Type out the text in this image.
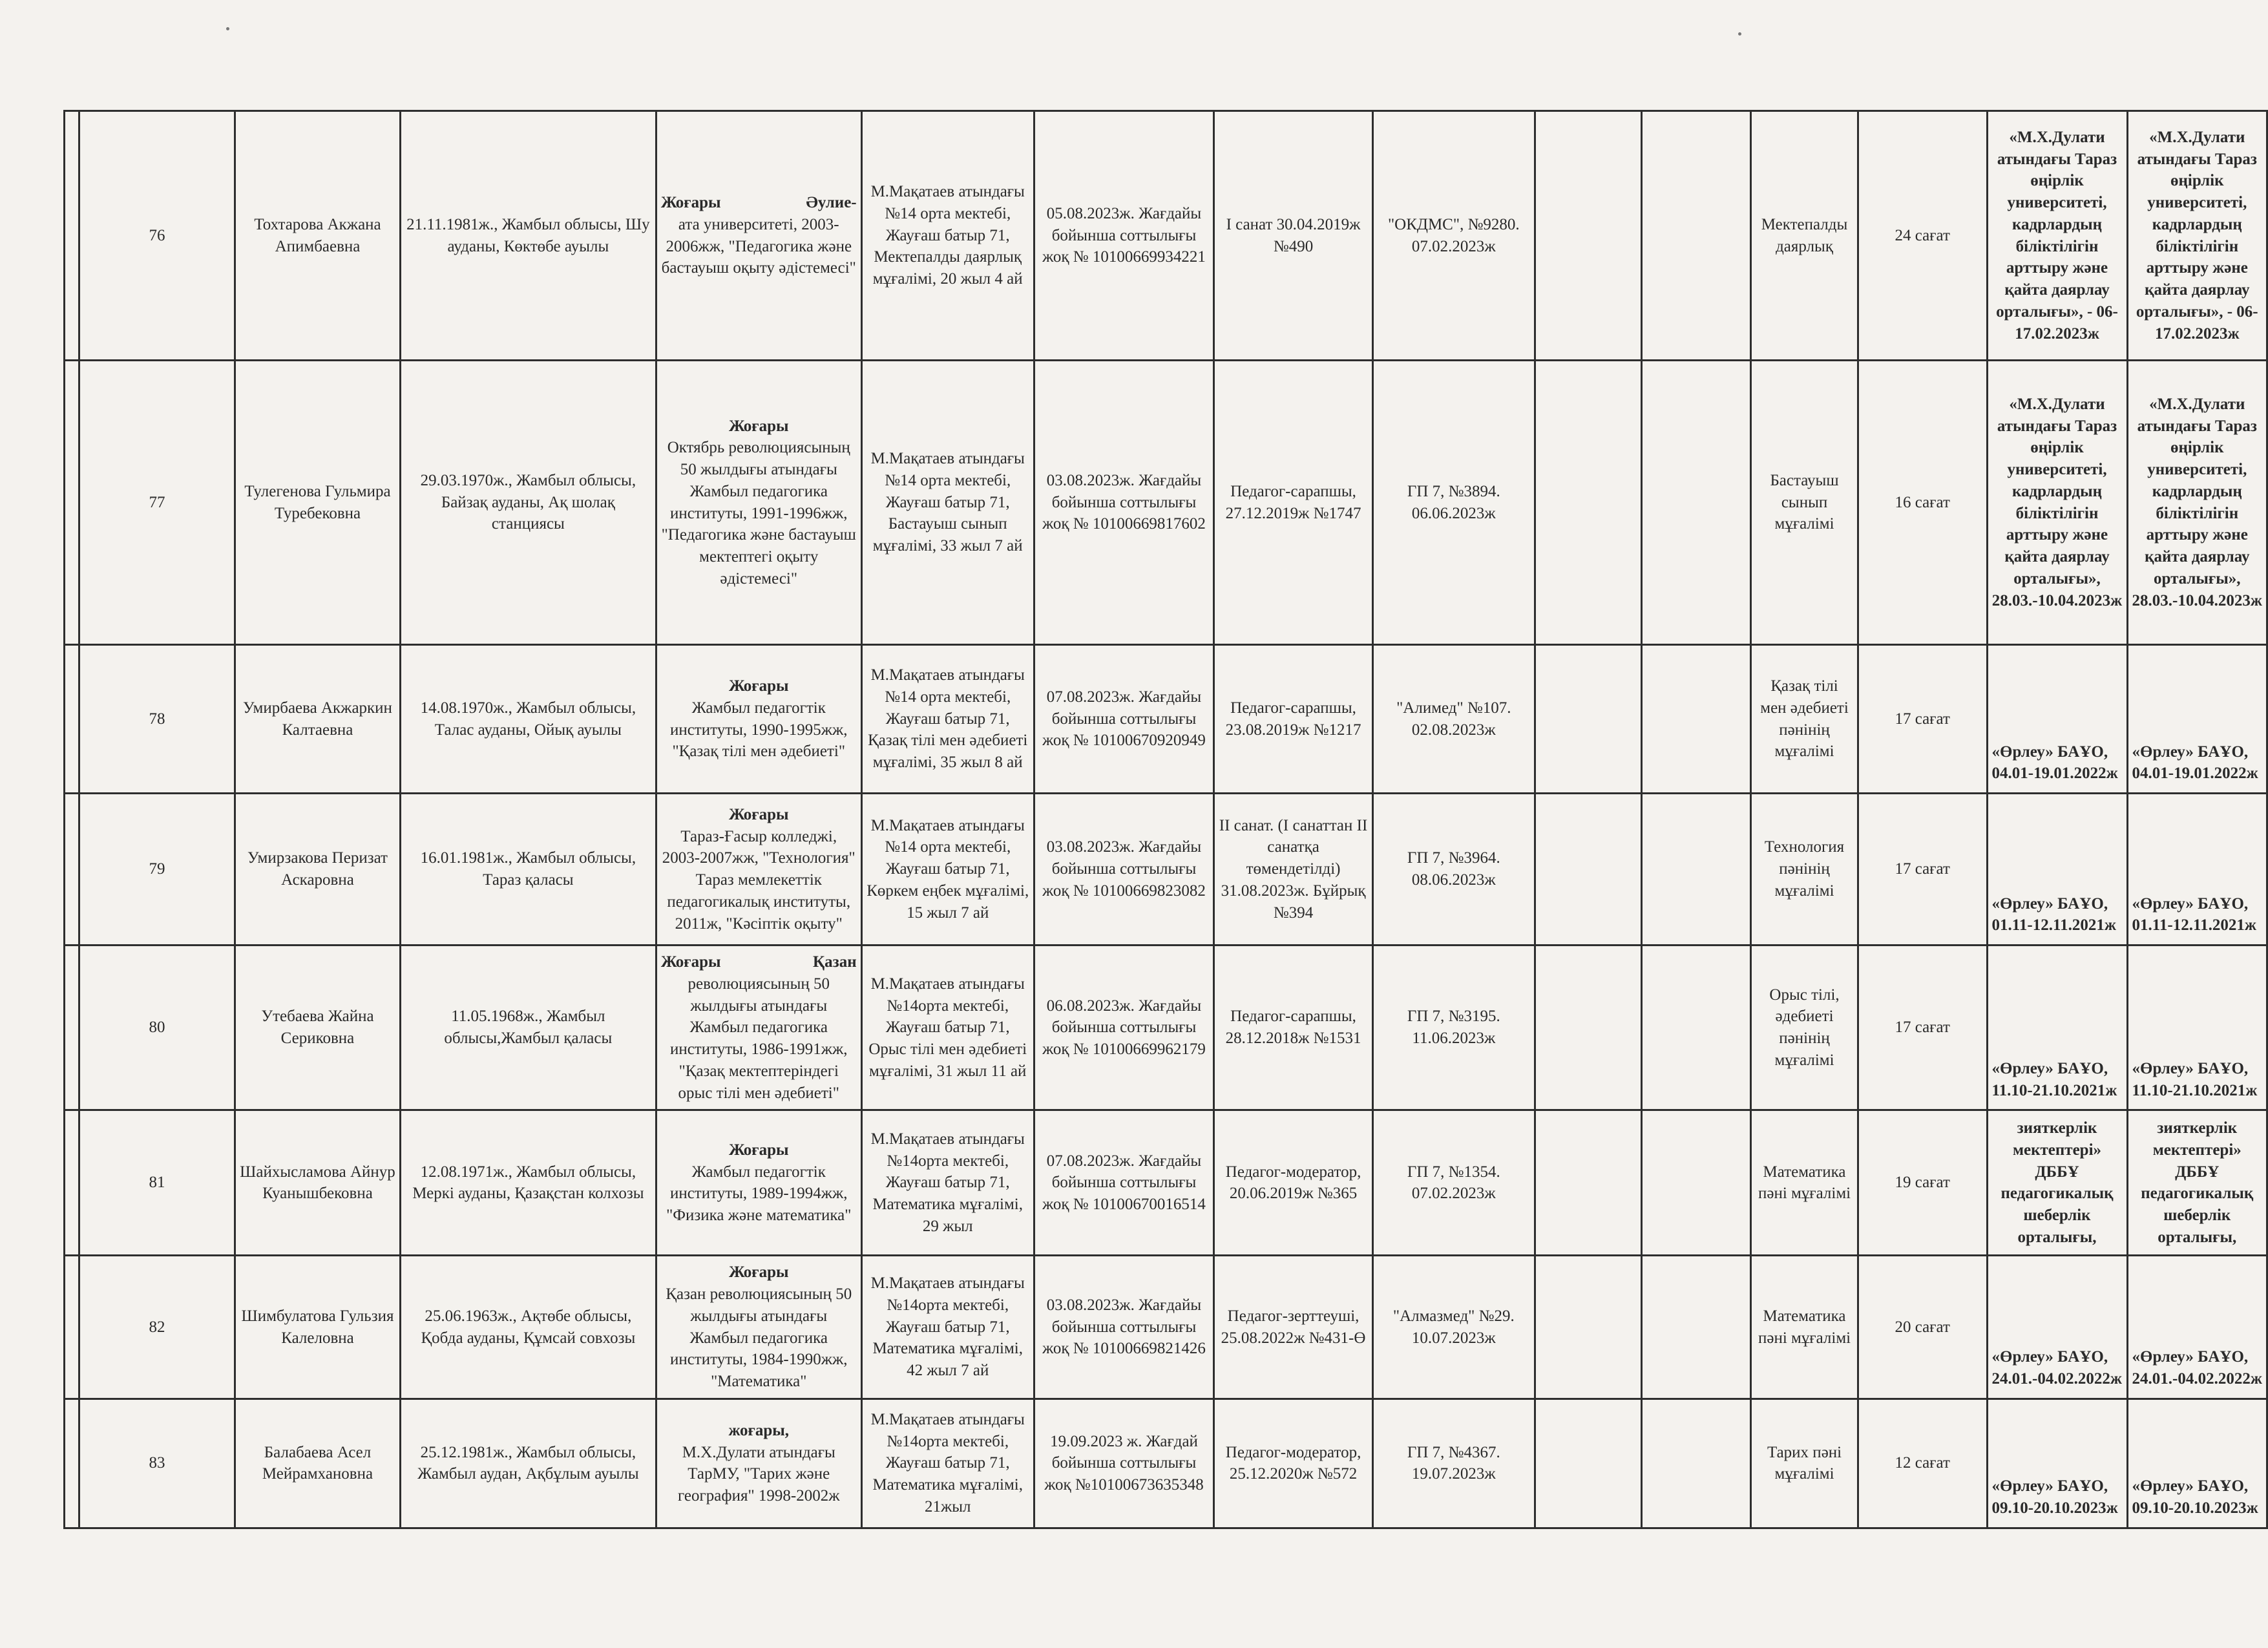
	76	Тохтарова Акжана Апимбаевна	21.11.1981ж., Жамбыл облысы, Шу ауданы, Көктөбе ауылы	Жоғары Әулие-
ата университеті, 2003-2006жж, "Педагогика және бастауыш оқыту әдістемесі"	М.Мақатаев атындағы №14 орта мектебі, Жауғаш батыр 71, Мектепалды даярлық мұғалімі, 20 жыл 4 ай	05.08.2023ж. Жағдайы бойынша соттылығы жоқ № 10100669934221	І санат 30.04.2019ж №490	"ОКДМС", №9280. 07.02.2023ж			Мектепалды даярлық	24 сағат	«М.Х.Дулати атындағы Тараз өңірлік университеті, кадрлардың біліктілігін арттыру және қайта даярлау орталығы», - 06-17.02.2023ж	«М.Х.Дулати атындағы Тараз өңірлік университеті, кадрлардың біліктілігін арттыру және қайта даярлау орталығы», - 06-17.02.2023ж
	77	Тулегенова Гульмира Туребековна	29.03.1970ж., Жамбыл облысы, Байзақ ауданы, Ақ шолақ станциясы	Жоғары
Октябрь революциясының 50 жылдығы атындағы Жамбыл педагогика институты, 1991-1996жж, "Педагогика және бастауыш мектептегі оқыту әдістемесі"	М.Мақатаев атындағы №14 орта мектебі, Жауғаш батыр 71, Бастауыш сынып мұғалімі, 33 жыл 7 ай	03.08.2023ж. Жағдайы бойынша соттылығы жоқ № 10100669817602	Педагог-сарапшы, 27.12.2019ж №1747	ГП 7, №3894. 06.06.2023ж			Бастауыш сынып мұғалімі	16 сағат	«М.Х.Дулати атындағы Тараз өңірлік университеті, кадрлардың біліктілігін арттыру және қайта даярлау орталығы», 28.03.-10.04.2023ж	«М.Х.Дулати атындағы Тараз өңірлік университеті, кадрлардың біліктілігін арттыру және қайта даярлау орталығы», 28.03.-10.04.2023ж
	78	Умирбаева Акжаркин Калтаевна	14.08.1970ж., Жамбыл облысы, Талас ауданы, Ойық ауылы	Жоғары
Жамбыл педагогтік институты, 1990-1995жж, "Қазақ тілі мен әдебиеті"	М.Мақатаев атындағы №14 орта мектебі, Жауғаш батыр 71, Қазақ тілі мен әдебиеті мұғалімі, 35 жыл 8 ай	07.08.2023ж. Жағдайы бойынша соттылығы жоқ № 10100670920949	Педагог-сарапшы, 23.08.2019ж №1217	"Алимед" №107. 02.08.2023ж			Қазақ тілі мен әдебиеті пәнінің мұғалімі	17 сағат	«Өрлеу» БАҰО, 04.01-19.01.2022ж	«Өрлеу» БАҰО, 04.01-19.01.2022ж
	79	Умирзакова Перизат Аскаровна	16.01.1981ж., Жамбыл облысы, Тараз қаласы	Жоғары
Тараз-Ғасыр колледжі, 2003-2007жж, "Технология" Тараз мемлекеттік педагогикалық институты, 2011ж, "Кәсіптік оқыту"	М.Мақатаев атындағы №14 орта мектебі, Жауғаш батыр 71, Көркем еңбек мұғалімі, 15 жыл 7 ай	03.08.2023ж. Жағдайы бойынша соттылығы жоқ № 10100669823082	ІІ санат. (І санаттан ІІ санатқа төмендетілді) 31.08.2023ж. Бұйрық №394	ГП 7, №3964. 08.06.2023ж			Технология пәнінің мұғалімі	17 сағат	«Өрлеу» БАҰО, 01.11-12.11.2021ж	«Өрлеу» БАҰО, 01.11-12.11.2021ж
	80	Утебаева Жайна Сериковна	11.05.1968ж., Жамбыл облысы,Жамбыл қаласы	Жоғары Қазан
революциясының 50 жылдығы атындағы Жамбыл педагогика институты, 1986-1991жж, "Қазақ мектептеріндегі орыс тілі мен әдебиеті"	М.Мақатаев атындағы №14орта мектебі, Жауғаш батыр 71, Орыс тілі мен әдебиеті мұғалімі, 31 жыл 11 ай	06.08.2023ж. Жағдайы бойынша соттылығы жоқ № 10100669962179	Педагог-сарапшы, 28.12.2018ж №1531	ГП 7, №3195. 11.06.2023ж			Орыс тілі, әдебиеті пәнінің мұғалімі	17 сағат	«Өрлеу» БАҰО, 11.10-21.10.2021ж	«Өрлеу» БАҰО, 11.10-21.10.2021ж
	81	Шайхысламова Айнур Куанышбековна	12.08.1971ж., Жамбыл облысы, Меркі ауданы, Қазақстан колхозы	Жоғары
Жамбыл педагогтік институты, 1989-1994жж, "Физика және математика"	М.Мақатаев атындағы №14орта мектебі, Жауғаш батыр 71, Математика мұғалімі, 29 жыл	07.08.2023ж. Жағдайы бойынша соттылығы жоқ № 10100670016514	Педагог-модератор, 20.06.2019ж №365	ГП 7, №1354. 07.02.2023ж			Математика пәні мұғалімі	19 сағат	зияткерлік мектептері» ДББҰ педагогикалық шеберлік орталығы,	зияткерлік мектептері» ДББҰ педагогикалық шеберлік орталығы,
	82	Шимбулатова Гульзия Калеловна	25.06.1963ж., Ақтөбе облысы, Қобда ауданы, Құмсай совхозы	Жоғары
Қазан революциясының 50 жылдығы атындағы Жамбыл педагогика институты, 1984-1990жж, "Математика"	М.Мақатаев атындағы №14орта мектебі, Жауғаш батыр 71, Математика мұғалімі, 42 жыл 7 ай	03.08.2023ж. Жағдайы бойынша соттылығы жоқ № 10100669821426	Педагог-зерттеуші, 25.08.2022ж №431-Ө	"Алмазмед" №29. 10.07.2023ж			Математика пәні мұғалімі	20 сағат	«Өрлеу» БАҰО, 24.01.-04.02.2022ж	«Өрлеу» БАҰО, 24.01.-04.02.2022ж
	83	Балабаева Асел Мейрамхановна	25.12.1981ж., Жамбыл облысы, Жамбыл аудан, Ақбұлым ауылы	жоғары,
М.Х.Дулати атындағы ТарМУ, "Тарих және география" 1998-2002ж	М.Мақатаев атындағы №14орта мектебі, Жауғаш батыр 71, Математика мұғалімі, 21жыл	19.09.2023 ж. Жағдай бойынша соттылығы жоқ №10100673635348	Педагог-модератор, 25.12.2020ж №572	ГП 7, №4367. 19.07.2023ж			Тарих пәні мұғалімі	12 сағат	«Өрлеу» БАҰО, 09.10-20.10.2023ж	«Өрлеу» БАҰО, 09.10-20.10.2023ж
